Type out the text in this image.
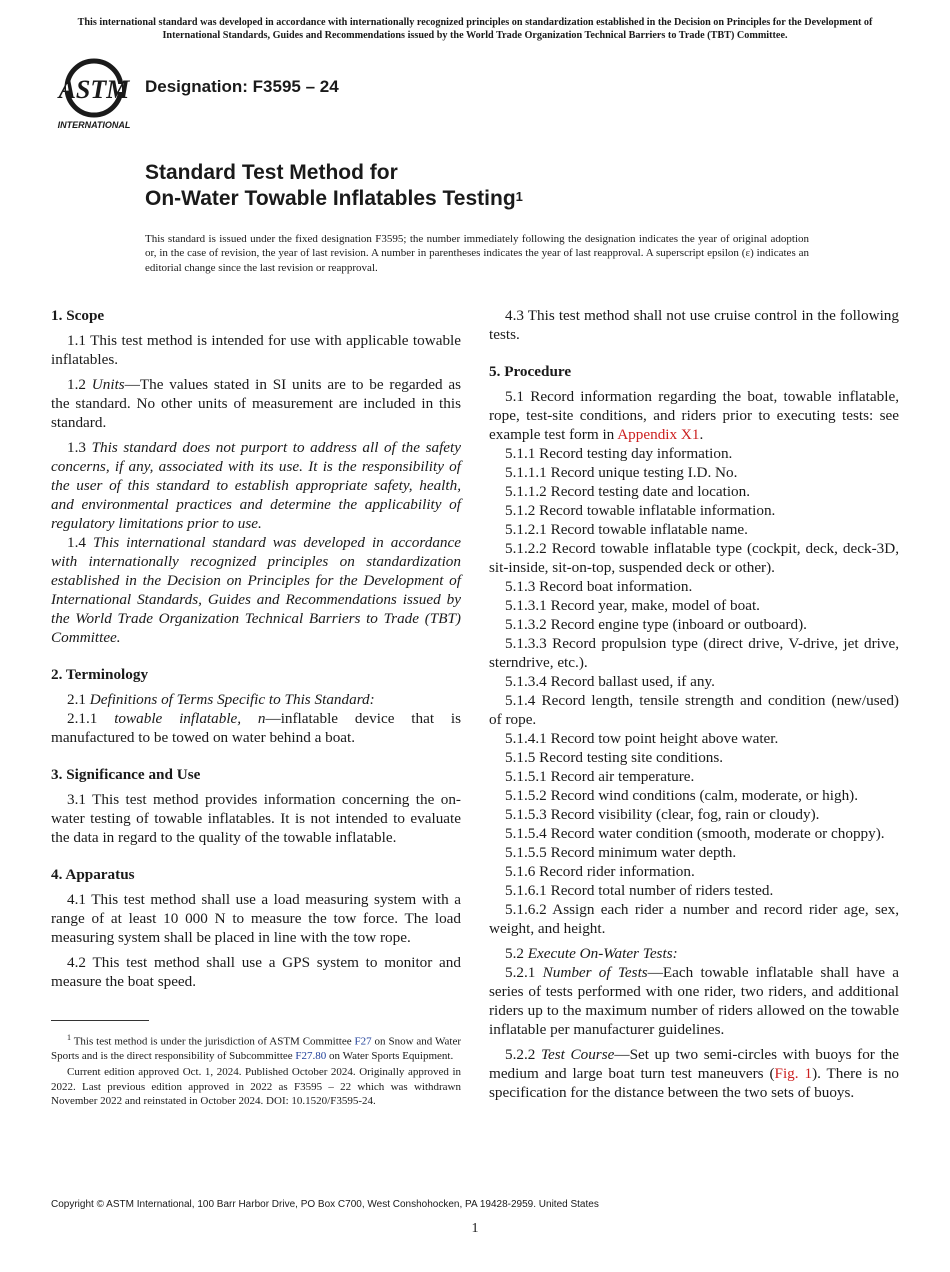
This international standard was developed in accordance with internationally recognized principles on standardization established in the Decision on Principles for the Development of International Standards, Guides and Recommendations issued by the World Trade Organization Technical Barriers to Trade (TBT) Committee.
ASTM
INTERNATIONAL
Designation: F3595 – 24
Standard Test Method for
On-Water Towable Inflatables Testing$^1$
This standard is issued under the fixed designation F3595; the number immediately following the designation indicates the year of original adoption or, in the case of revision, the year of last revision. A number in parentheses indicates the year of last reapproval. A superscript epsilon (ε) indicates an editorial change since the last revision or reapproval.
1. Scope

1.1 This test method is intended for use with applicable towable inflatables.

1.2 Units—The values stated in SI units are to be regarded as the standard. No other units of measurement are included in this standard.

1.3 This standard does not purport to address all of the safety concerns, if any, associated with its use. It is the responsibility of the user of this standard to establish appropriate safety, health, and environmental practices and determine the applicability of regulatory limitations prior to use.

1.4 This international standard was developed in accordance with internationally recognized principles on standardization established in the Decision on Principles for the Development of International Standards, Guides and Recommendations issued by the World Trade Organization Technical Barriers to Trade (TBT) Committee.

2. Terminology

2.1 Definitions of Terms Specific to This Standard:

2.1.1 towable inflatable, n—inflatable device that is manufactured to be towed on water behind a boat.

3. Significance and Use

3.1 This test method provides information concerning the on-water testing of towable inflatables. It is not intended to evaluate the data in regard to the quality of the towable inflatable.

4. Apparatus

4.1 This test method shall use a load measuring system with a range of at least 10 000 N to measure the tow force. The load measuring system shall be placed in line with the tow rope.

4.2 This test method shall use a GPS system to monitor and measure the boat speed.

$^1$ This test method is under the jurisdiction of ASTM Committee F27 on Snow and Water Sports and is the direct responsibility of Subcommittee F27.80 on Water Sports Equipment.

Current edition approved Oct. 1, 2024. Published October 2024. Originally approved in 2022. Last previous edition approved in 2022 as F3595 – 22 which was withdrawn November 2022 and reinstated in October 2024. DOI: 10.1520/F3595-24.

4.3 This test method shall not use cruise control in the following tests.

5. Procedure

5.1 Record information regarding the boat, towable inflatable, rope, test-site conditions, and riders prior to executing tests: see example test form in Appendix X1.

5.1.1 Record testing day information.

5.1.1.1 Record unique testing I.D. No.

5.1.1.2 Record testing date and location.

5.1.2 Record towable inflatable information.

5.1.2.1 Record towable inflatable name.

5.1.2.2 Record towable inflatable type (cockpit, deck, deck-3D, sit-inside, sit-on-top, suspended deck or other).

5.1.3 Record boat information.

5.1.3.1 Record year, make, model of boat.

5.1.3.2 Record engine type (inboard or outboard).

5.1.3.3 Record propulsion type (direct drive, V-drive, jet drive, sterndrive, etc.).

5.1.3.4 Record ballast used, if any.

5.1.4 Record length, tensile strength and condition (new/used) of rope.

5.1.4.1 Record tow point height above water.

5.1.5 Record testing site conditions.

5.1.5.1 Record air temperature.

5.1.5.2 Record wind conditions (calm, moderate, or high).

5.1.5.3 Record visibility (clear, fog, rain or cloudy).

5.1.5.4 Record water condition (smooth, moderate or choppy).

5.1.5.5 Record minimum water depth.

5.1.6 Record rider information.

5.1.6.1 Record total number of riders tested.

5.1.6.2 Assign each rider a number and record rider age, sex, weight, and height.

5.2 Execute On-Water Tests:

5.2.1 Number of Tests—Each towable inflatable shall have a series of tests performed with one rider, two riders, and additional riders up to the maximum number of riders allowed on the towable inflatable per manufacturer guidelines.

5.2.2 Test Course—Set up two semi-circles with buoys for the medium and large boat turn test maneuvers (Fig. 1). There is no specification for the distance between the two sets of buoys.

Copyright © ASTM International, 100 Barr Harbor Drive, PO Box C700, West Conshohocken, PA 19428-2959. United States
1
